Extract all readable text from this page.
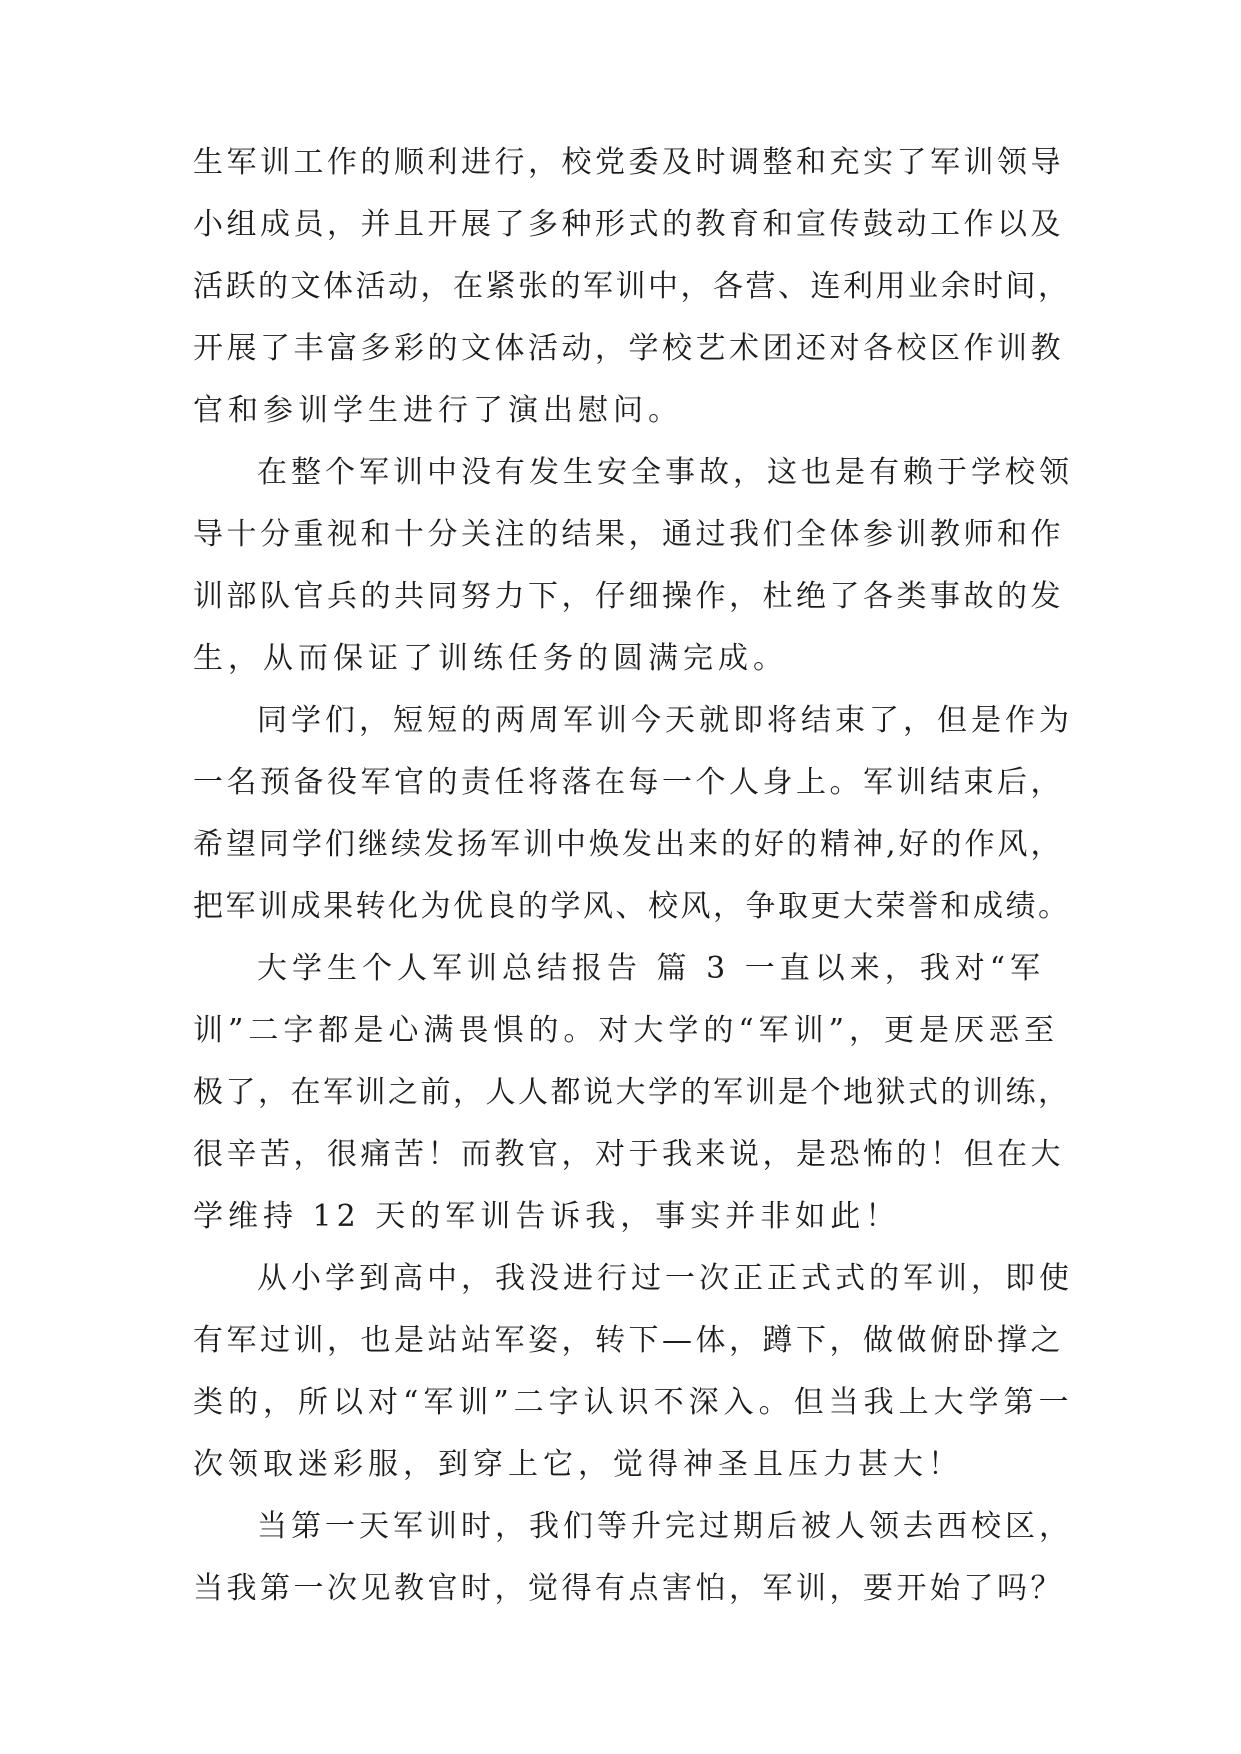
生军训工作的顺利进行，校党委及时调整和充实了军训领导
小组成员，并且开展了多种形式的教育和宣传鼓动工作以及
活跃的文体活动，在紧张的军训中，各营、连利用业余时间，
开展了丰富多彩的文体活动，学校艺术团还对各校区作训教
官和参训学生进行了演出慰问。
在整个军训中没有发生安全事故，这也是有赖于学校领
导十分重视和十分关注的结果，通过我们全体参训教师和作
训部队官兵的共同努力下，仔细操作，杜绝了各类事故的发
生，从而保证了训练任务的圆满完成。
同学们，短短的两周军训今天就即将结束了，但是作为
一名预备役军官的责任将落在每一个人身上。军训结束后，
希望同学们继续发扬军训中焕发出来的好的精神,好的作风，
把军训成果转化为优良的学风、校风，争取更大荣誉和成绩。
大学生个人军训总结报告 篇 3 一直以来，我对“军
训”二字都是心满畏惧的。对大学的“军训”，更是厌恶至
极了，在军训之前，人人都说大学的军训是个地狱式的训练，
很辛苦，很痛苦！而教官，对于我来说，是恐怖的！但在大
学维持 12 天的军训告诉我，事实并非如此！
从小学到高中，我没进行过一次正正式式的军训，即使
有军过训，也是站站军姿，转下—体，蹲下，做做俯卧撑之
类的，所以对“军训”二字认识不深入。但当我上大学第一
次领取迷彩服，到穿上它，觉得神圣且压力甚大！
当第一天军训时，我们等升完过期后被人领去西校区，
当我第一次见教官时，觉得有点害怕，军训，要开始了吗？
